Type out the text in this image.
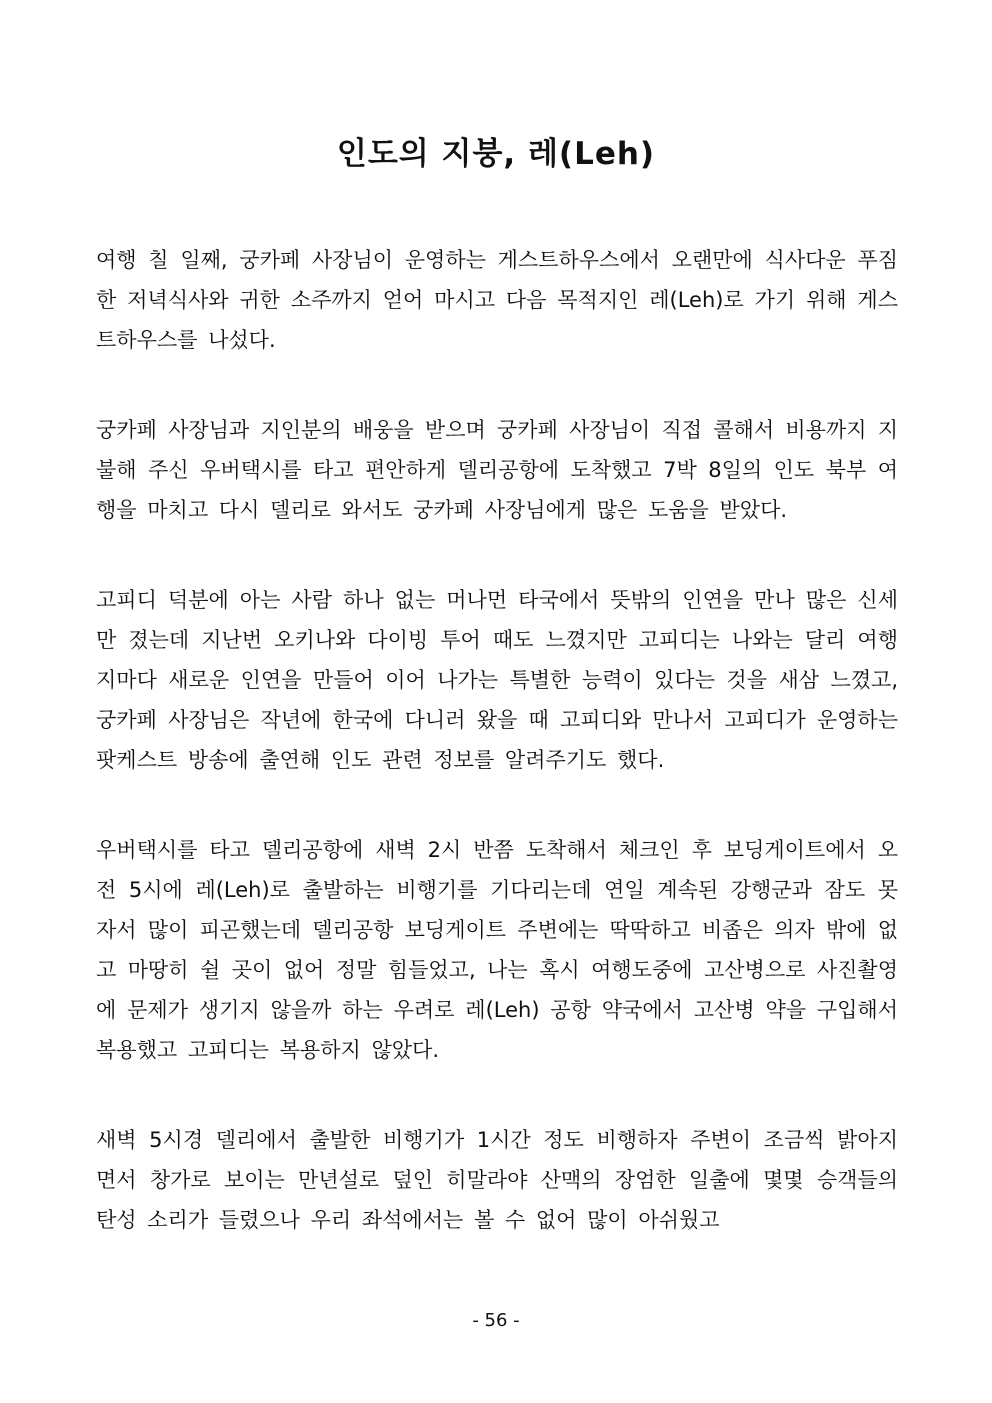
인도의 지붕, 레(Leh)

여행 칠 일째, 궁카페 사장님이 운영하는 게스트하우스에서 오랜만에 식사다운 푸짐한 저녁식사와 귀한 소주까지 얻어 마시고 다음 목적지인 레(Leh)로 가기 위해 게스트하우스를 나섰다.

궁카페 사장님과 지인분의 배웅을 받으며 궁카페 사장님이 직접 콜해서 비용까지 지불해 주신 우버택시를 타고 편안하게 델리공항에 도착했고 7박 8일의 인도 북부 여행을 마치고 다시 델리로 와서도 궁카페 사장님에게 많은 도움을 받았다.

고피디 덕분에 아는 사람 하나 없는 머나먼 타국에서 뜻밖의 인연을 만나 많은 신세만 졌는데 지난번 오키나와 다이빙 투어 때도 느꼈지만 고피디는 나와는 달리 여행지마다 새로운 인연을 만들어 이어 나가는 특별한 능력이 있다는 것을 새삼 느꼈고, 궁카페 사장님은 작년에 한국에 다니러 왔을 때 고피디와 만나서 고피디가 운영하는 팟케스트 방송에 출연해 인도 관련 정보를 알려주기도 했다.

우버택시를 타고 델리공항에 새벽 2시 반쯤 도착해서 체크인 후 보딩게이트에서 오전 5시에 레(Leh)로 출발하는 비행기를 기다리는데 연일 계속된 강행군과 잠도 못자서 많이 피곤했는데 델리공항 보딩게이트 주변에는 딱딱하고 비좁은 의자 밖에 없고 마땅히 쉴 곳이 없어 정말 힘들었고, 나는 혹시 여행도중에 고산병으로 사진촬영에 문제가 생기지 않을까 하는 우려로 레(Leh) 공항 약국에서 고산병 약을 구입해서 복용했고 고피디는 복용하지 않았다.

새벽 5시경 델리에서 출발한 비행기가 1시간 정도 비행하자 주변이 조금씩 밝아지면서 창가로 보이는 만년설로 덮인 히말라야 산맥의 장엄한 일출에 몇몇 승객들의 탄성 소리가 들렸으나 우리 좌석에서는 볼 수 없어 많이 아쉬웠고

- 56 -
